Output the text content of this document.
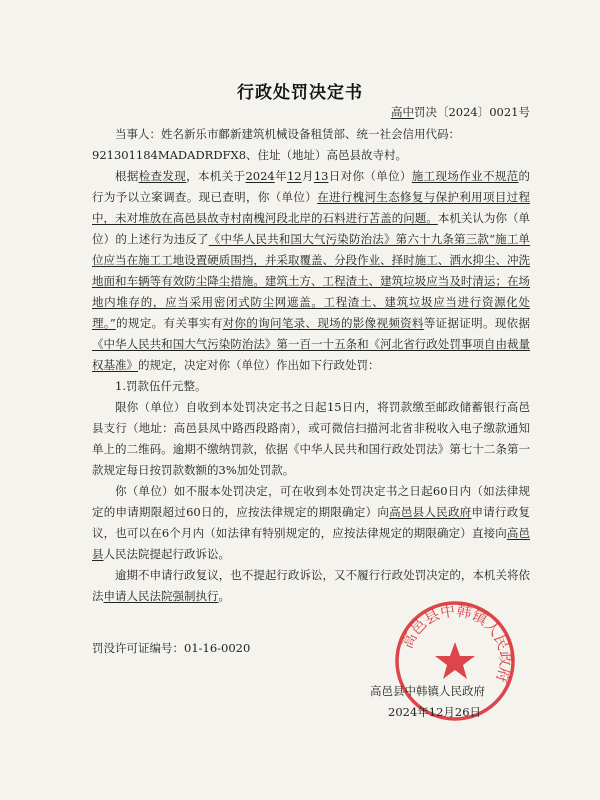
行政处罚决定书
高中罚决〔2024〕0021号

当事人：姓名新乐市鄜新建筑机械设备租赁部、统一社会信用代码：

921301184MADADRDFX8、住址（地址）高邑县故寺村。

根据检查发现，本机关于2024年12月13日对你（单位）施工现场作业不规范的行为予以立案调查。现已查明，你（单位）在进行槐河生态修复与保护利用项目过程中，未对堆放在高邑县故寺村南槐河段北岸的石料进行苫盖的问题。本机关认为你（单位）的上述行为违反了《中华人民共和国大气污染防治法》第六十九条第三款“施工单位应当在施工工地设置硬质围挡，并采取覆盖、分段作业、择时施工、洒水抑尘、冲洗地面和车辆等有效防尘降尘措施。建筑土方、工程渣土、建筑垃圾应当及时清运；在场地内堆存的，应当采用密闭式防尘网遮盖。工程渣土、建筑垃圾应当进行资源化处理。”的规定。有关事实有对你的询问笔录、现场的影像视频资料等证据证明。现依据《中华人民共和国大气污染防治法》第一百一十五条和《河北省行政处罚事项自由裁量权基准》的规定，决定对你（单位）作出如下行政处罚：

1.罚款伍仟元整。

限你（单位）自收到本处罚决定书之日起15日内，将罚款缴至邮政储蓄银行高邑县支行（地址：高邑县凤中路西段路南），或可微信扫描河北省非税收入电子缴款通知单上的二维码。逾期不缴纳罚款，依据《中华人民共和国行政处罚法》第七十二条第一款规定每日按罚款数额的3%加处罚款。

你（单位）如不服本处罚决定，可在收到本处罚决定书之日起60日内（如法律规定的申请期限超过60日的，应按法律规定的期限确定）向高邑县人民政府申请行政复议，也可以在6个月内（如法律有特别规定的，应按法律规定的期限确定）直接向高邑县人民法院提起行政诉讼。

逾期不申请行政复议，也不提起行政诉讼，又不履行行政处罚决定的，本机关将依法申请人民法院强制执行。

罚没许可证编号：01-16-0020	高邑县中韩镇人民政府
高邑县中韩镇人民政府
2024年12月26日
